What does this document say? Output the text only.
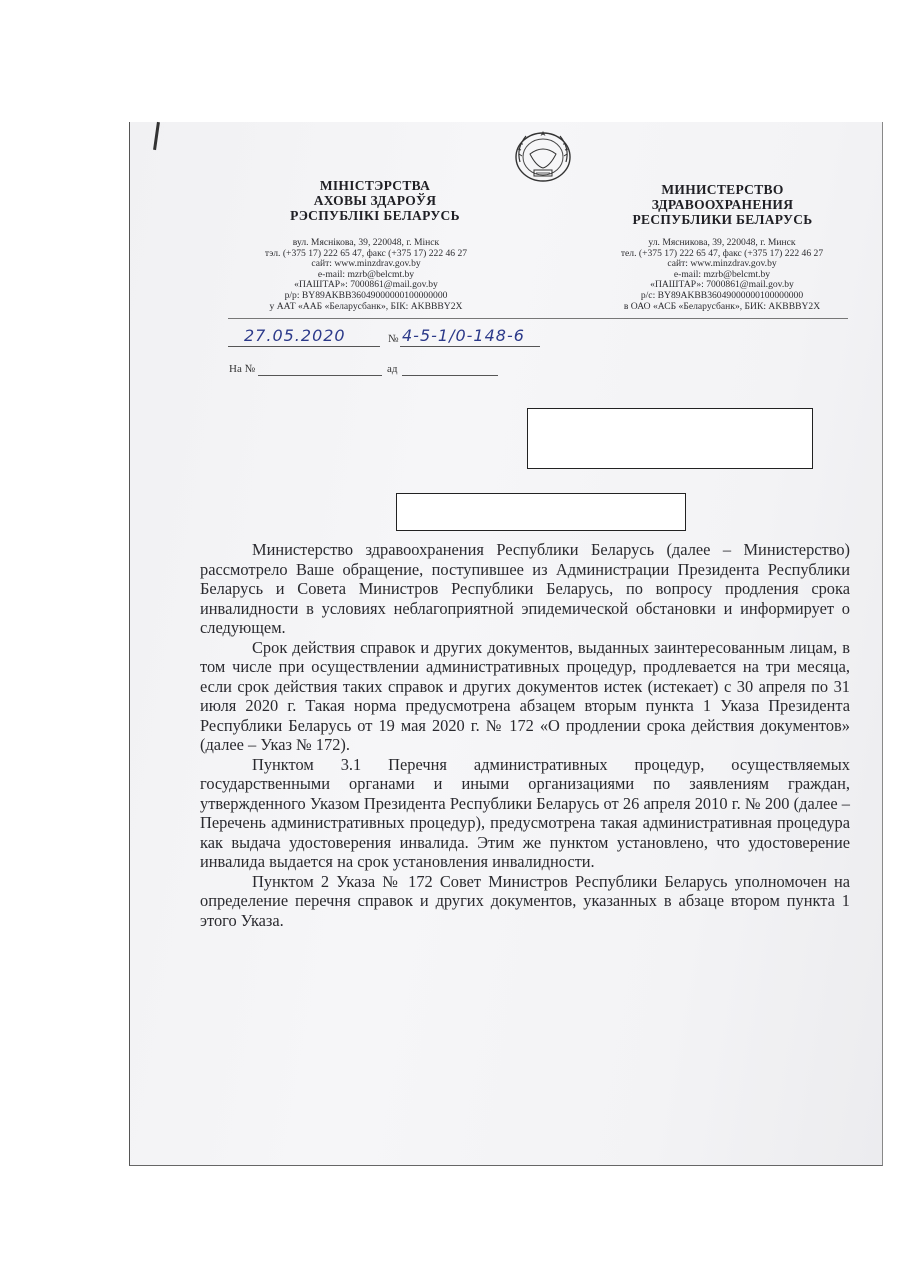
МІНІСТЭРСТВА
АХОВЫ ЗДАРОЎЯ
РЭСПУБЛІКІ БЕЛАРУСЬ
вул. Мяснікова, 39, 220048, г. Мінск
тэл. (+375 17) 222 65 47, факс (+375 17) 222 46 27
сайт: www.minzdrav.gov.by
e-mail: mzrb@belcmt.by
«ПАШТАР»: 7000861@mail.gov.by
р/р: BY89AKBB36049000000100000000
у ААТ «ААБ «Беларусбанк», БІК: AKBBBY2X
МИНИСТЕРСТВО
ЗДРАВООХРАНЕНИЯ
РЕСПУБЛИКИ БЕЛАРУСЬ
ул. Мясникова, 39, 220048, г. Минск
тел. (+375 17) 222 65 47, факс (+375 17) 222 46 27
сайт: www.minzdrav.gov.by
e-mail: mzrb@belcmt.by
«ПАШТАР»: 7000861@mail.gov.by
р/с: BY89AKBB36049000000100000000
в ОАО «АСБ «Беларусбанк», БИК: AKBBBY2X
27.05.2020	№ 4-5-1/0-148-6
На №	ад

Министерство здравоохранения Республики Беларусь (далее – Министерство) рассмотрело Ваше обращение, поступившее из Администрации Президента Республики Беларусь и Совета Министров Республики Беларусь, по вопросу продления срока инвалидности в условиях неблагоприятной эпидемической обстановки и информирует о следующем.

Срок действия справок и других документов, выданных заинтересованным лицам, в том числе при осуществлении административных процедур, продлевается на три месяца, если срок действия таких справок и других документов истек (истекает) с 30 апреля по 31 июля 2020 г. Такая норма предусмотрена абзацем вторым пункта 1 Указа Президента Республики Беларусь от 19 мая 2020 г. № 172 «О продлении срока действия документов» (далее – Указ № 172).

Пунктом 3.1 Перечня административных процедур, осуществляемых государственными органами и иными организациями по заявлениям граждан, утвержденного Указом Президента Республики Беларусь от 26 апреля 2010 г. № 200 (далее – Перечень административных процедур), предусмотрена такая административная процедура как выдача удостоверения инвалида. Этим же пунктом установлено, что удостоверение инвалида выдается на срок установления инвалидности.

Пунктом 2 Указа № 172 Совет Министров Республики Беларусь уполномочен на определение перечня справок и других документов, указанных в абзаце втором пункта 1 этого Указа.
